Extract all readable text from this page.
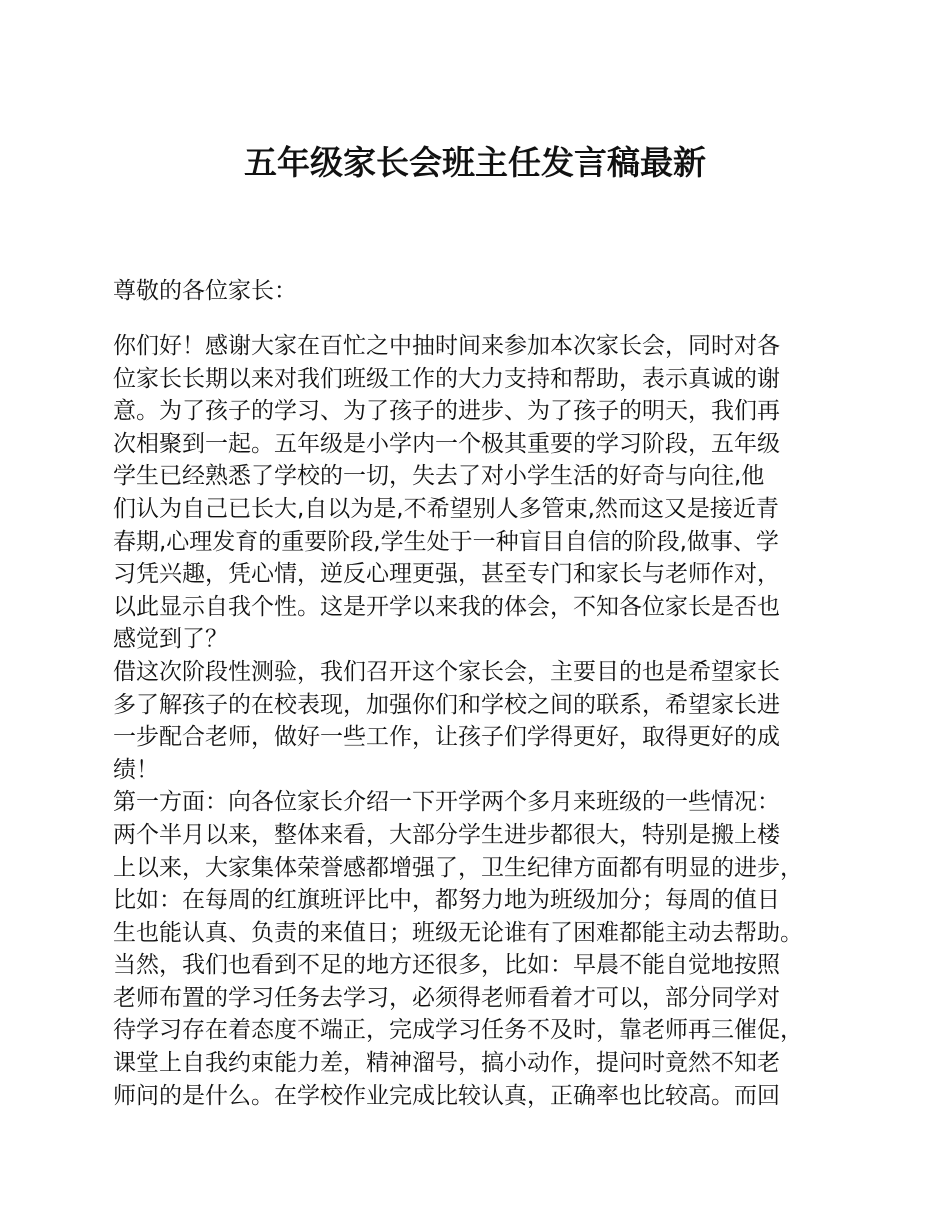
五年级家长会班主任发言稿最新

尊敬的各位家长：

你们好！感谢大家在百忙之中抽时间来参加本次家长会，同时对各
位家长长期以来对我们班级工作的大力支持和帮助，表示真诚的谢
意。为了孩子的学习、为了孩子的进步、为了孩子的明天，我们再
次相聚到一起。五年级是小学内一个极其重要的学习阶段，五年级
学生已经熟悉了学校的一切，失去了对小学生活的好奇与向往,他
们认为自己已长大,自以为是,不希望别人多管束,然而这又是接近青
春期,心理发育的重要阶段,学生处于一种盲目自信的阶段,做事、学
习凭兴趣，凭心情，逆反心理更强，甚至专门和家长与老师作对，
以此显示自我个性。这是开学以来我的体会，不知各位家长是否也
感觉到了？
借这次阶段性测验，我们召开这个家长会，主要目的也是希望家长
多了解孩子的在校表现，加强你们和学校之间的联系，希望家长进
一步配合老师，做好一些工作，让孩子们学得更好，取得更好的成
绩！
第一方面：向各位家长介绍一下开学两个多月来班级的一些情况：
两个半月以来，整体来看，大部分学生进步都很大，特别是搬上楼
上以来，大家集体荣誉感都增强了，卫生纪律方面都有明显的进步，
比如：在每周的红旗班评比中，都努力地为班级加分；每周的值日
生也能认真、负责的来值日；班级无论谁有了困难都能主动去帮助。
当然，我们也看到不足的地方还很多，比如：早晨不能自觉地按照
老师布置的学习任务去学习，必须得老师看着才可以，部分同学对
待学习存在着态度不端正，完成学习任务不及时，靠老师再三催促，
课堂上自我约束能力差，精神溜号，搞小动作，提问时竟然不知老
师问的是什么。在学校作业完成比较认真，正确率也比较高。而回
